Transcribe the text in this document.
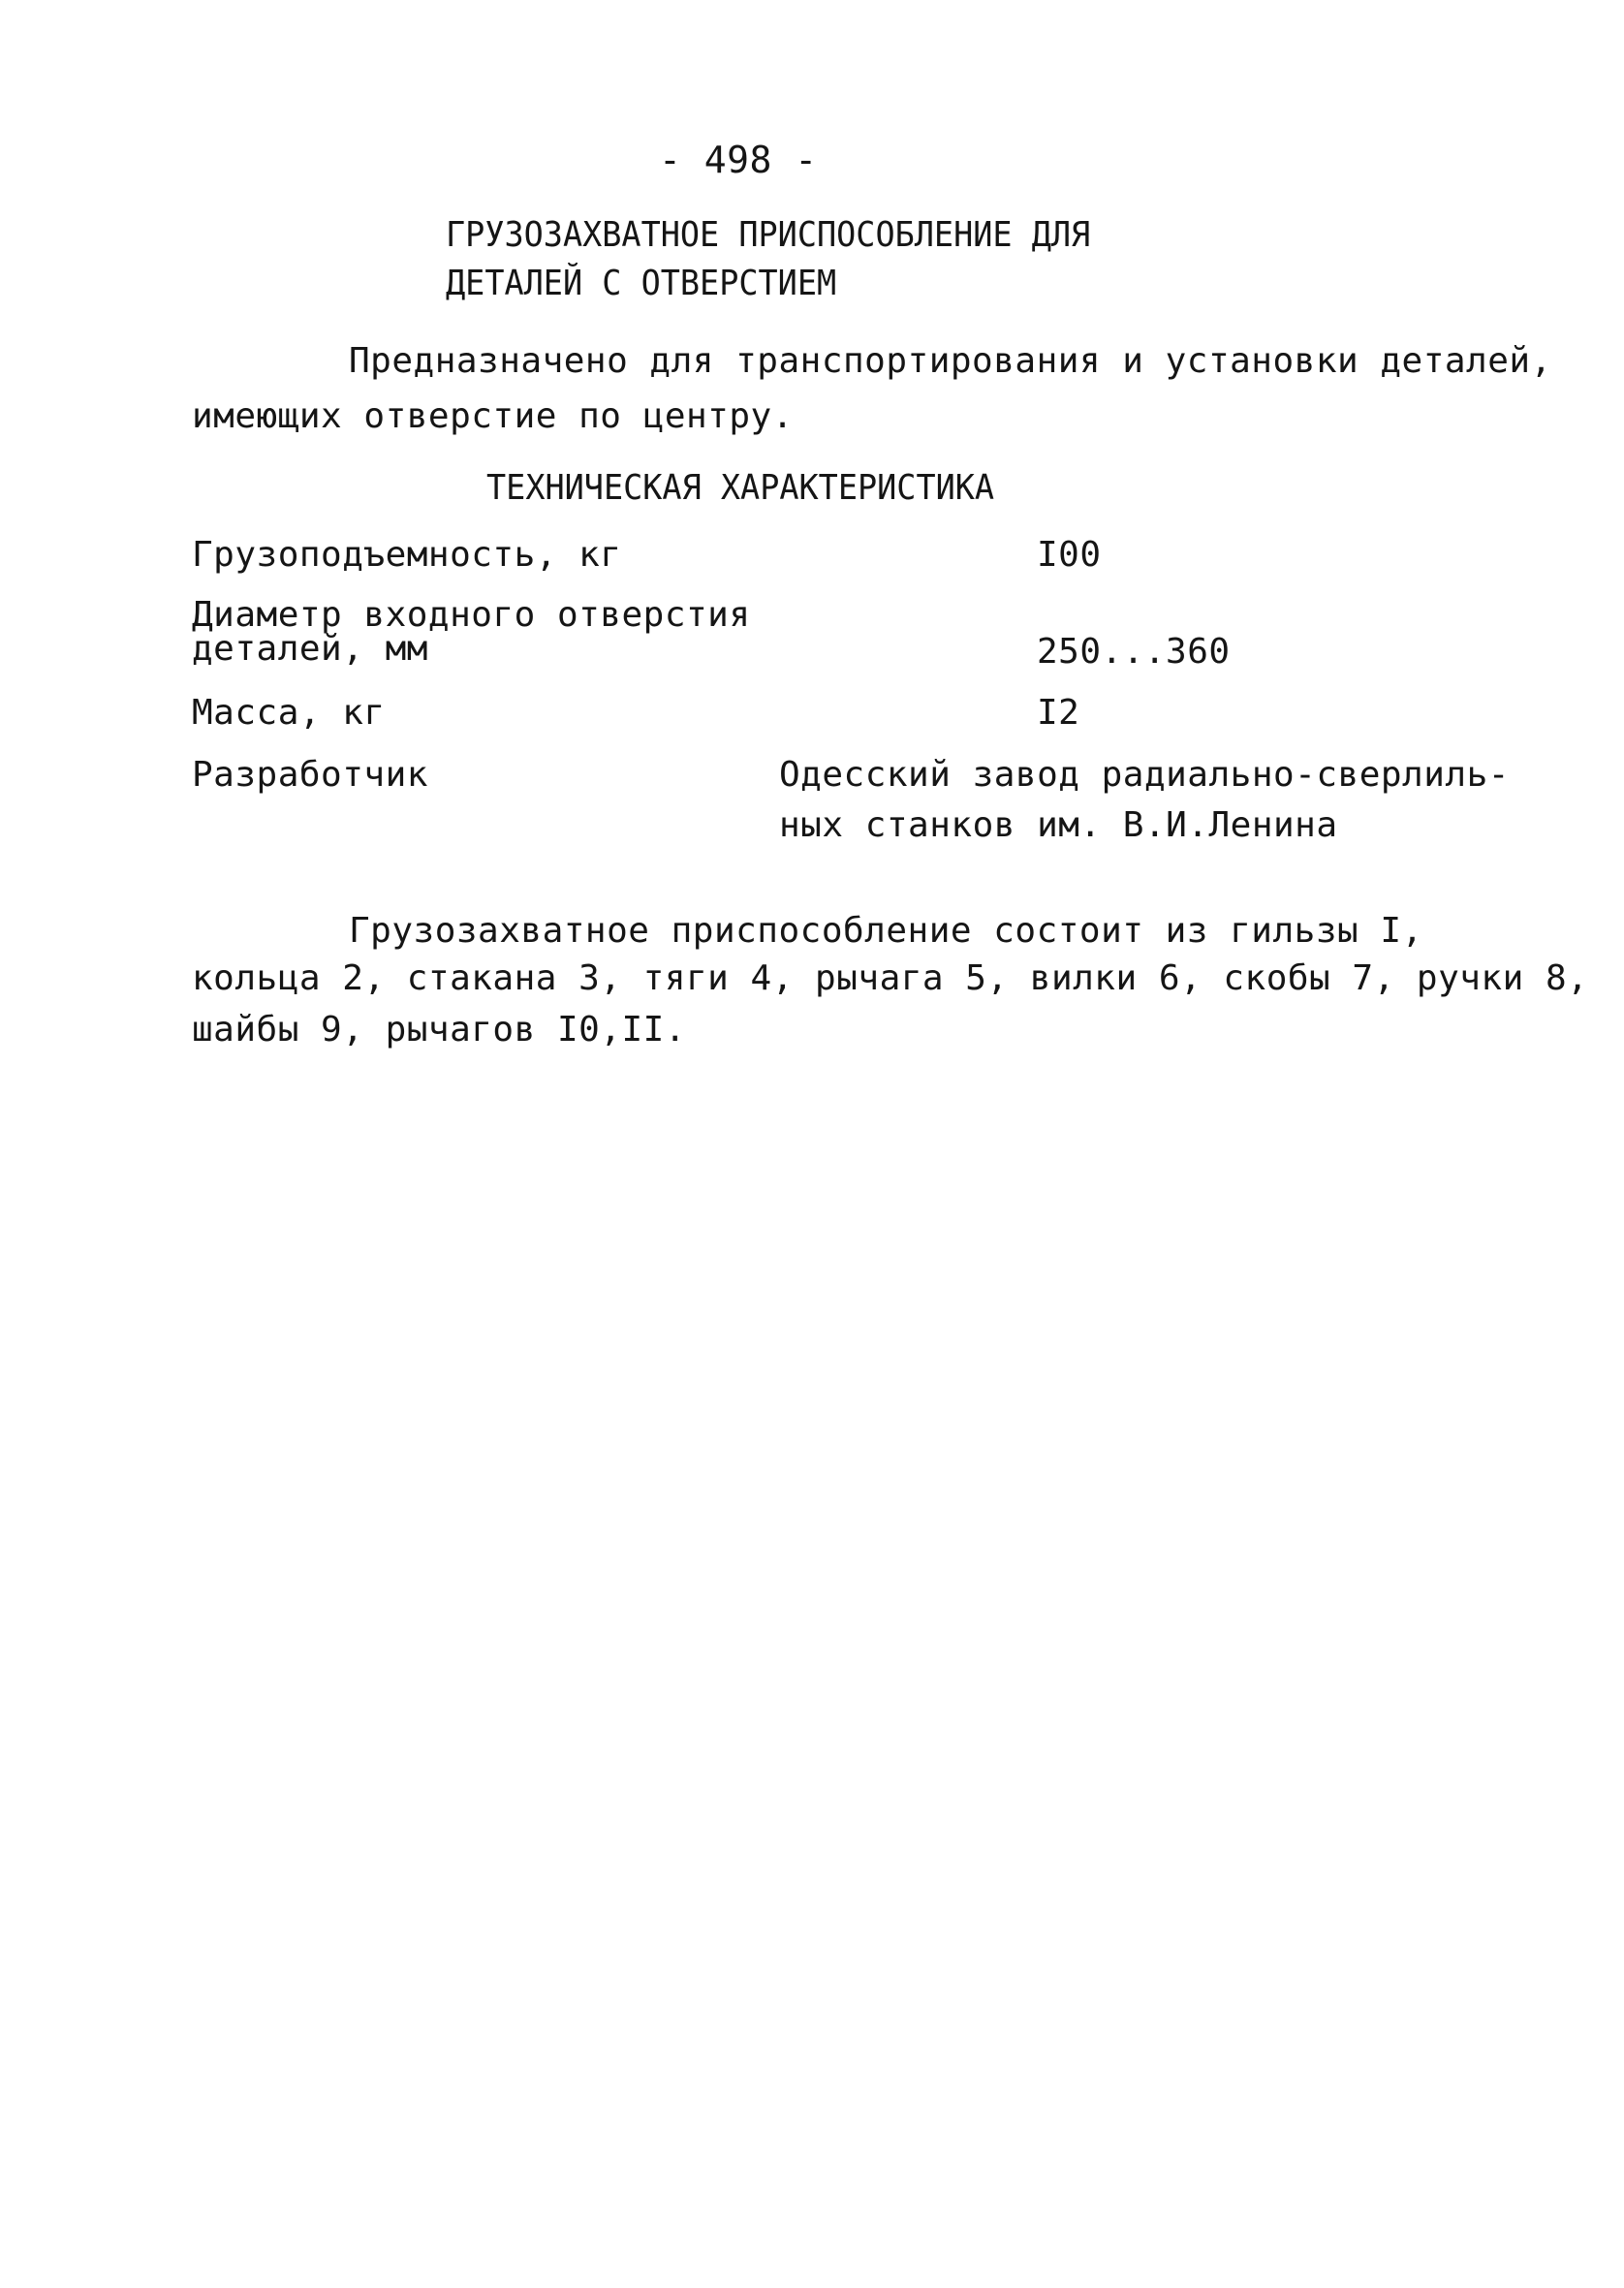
- 498 -
ГРУЗОЗАХВАТНОЕ ПРИСПОСОБЛЕНИЕ ДЛЯ
ДЕТАЛЕЙ С ОТВЕРСТИЕМ
Предназначено для транспортирования и установки деталей,
имеющих отверстие по центру.
ТЕХНИЧЕСКАЯ ХАРАКТЕРИСТИКА
Грузоподъемность, кг	I00
Диаметр входного отверстия
деталей, мм	250...360
Масса, кг	I2
Разработчик	Одесский завод радиально-сверлиль-
ных станков им. В.И.Ленина
Грузозахватное приспособление состоит из гильзы I,
кольца 2, стакана 3, тяги 4, рычага 5, вилки 6, скобы 7, ручки 8,
шайбы 9, рычагов I0,II.
